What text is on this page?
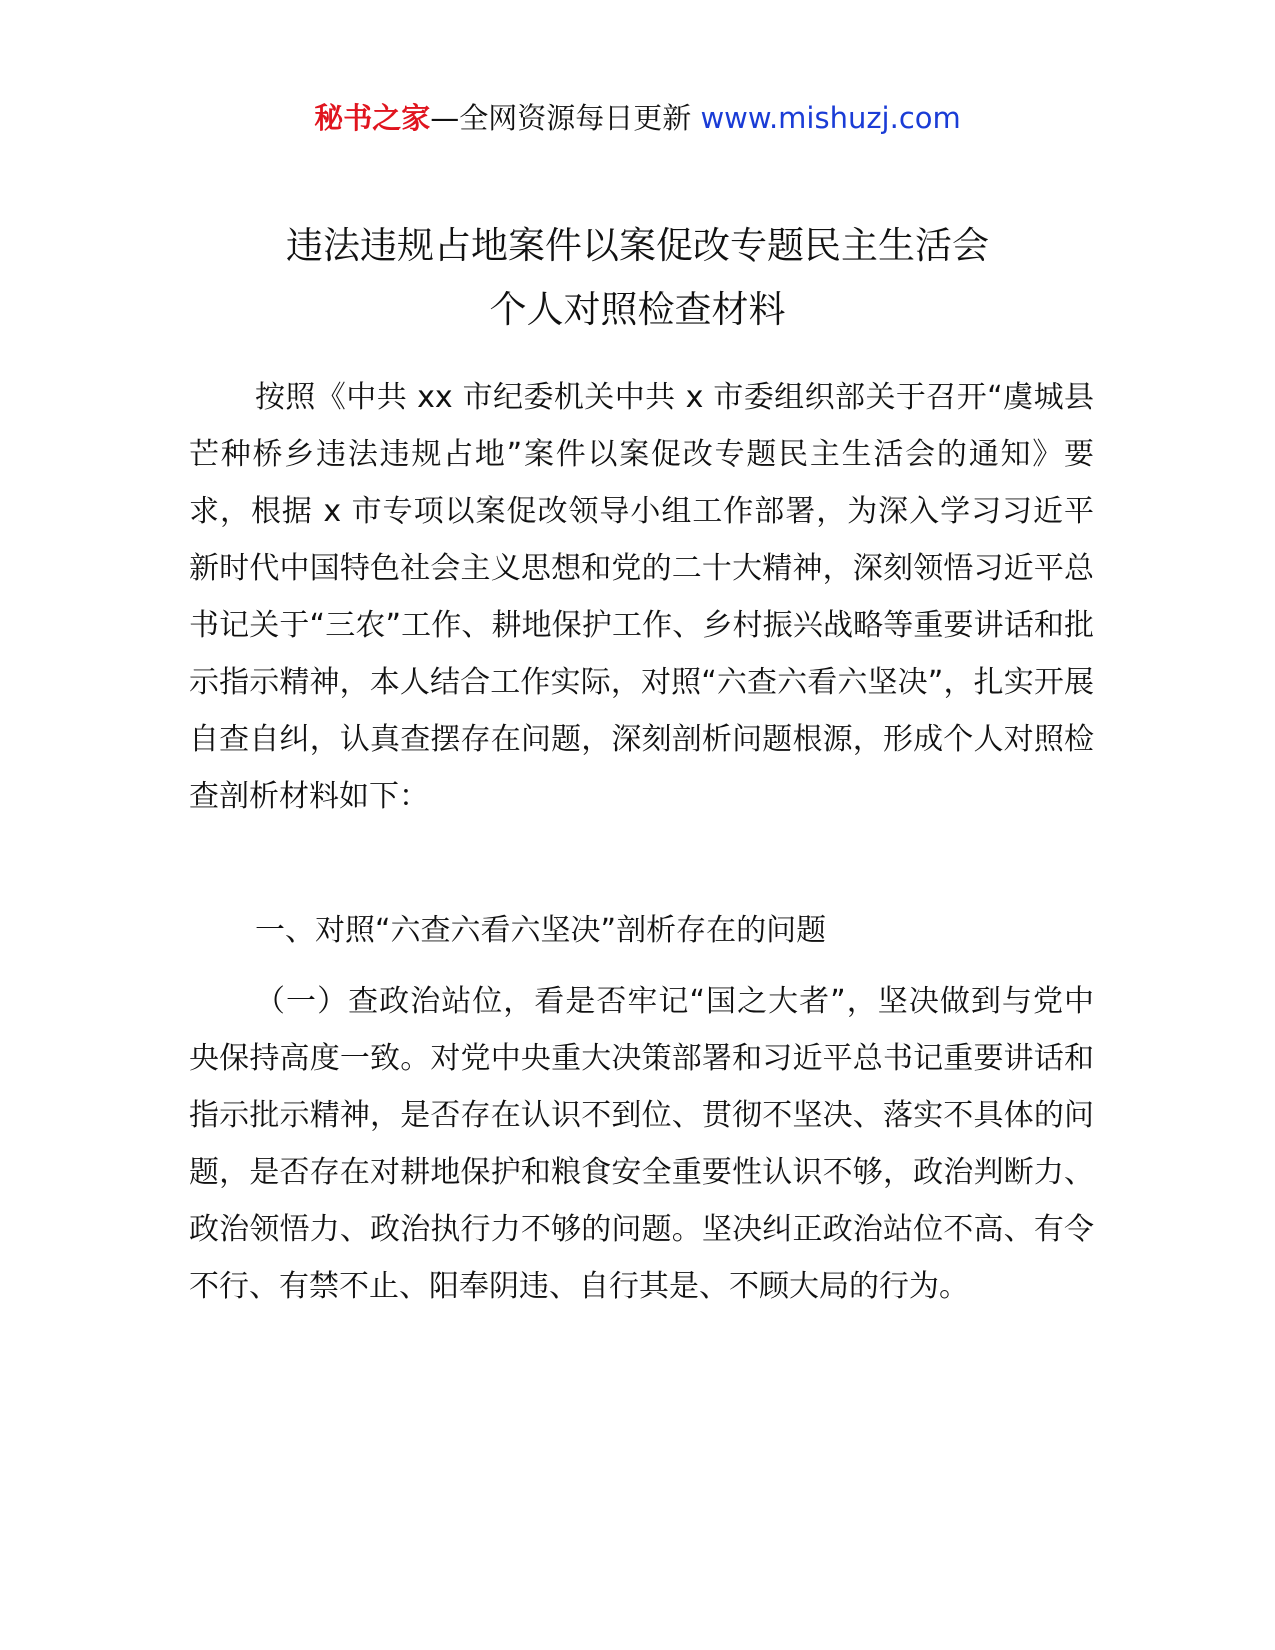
秘书之家—全网资源每日更新 www.mishuzj.com
违法违规占地案件以案促改专题民主生活会
个人对照检查材料

按照《中共 xx 市纪委机关中共 x 市委组织部关于召开“虞城县芒种桥乡违法违规占地”案件以案促改专题民主生活会的通知》要求，根据 x 市专项以案促改领导小组工作部署，为深入学习习近平新时代中国特色社会主义思想和党的二十大精神，深刻领悟习近平总书记关于“三农”工作、耕地保护工作、乡村振兴战略等重要讲话和批示指示精神，本人结合工作实际，对照“六查六看六坚决”，扎实开展自查自纠，认真查摆存在问题，深刻剖析问题根源，形成个人对照检查剖析材料如下：

一、对照“六查六看六坚决”剖析存在的问题

（一）查政治站位，看是否牢记“国之大者”，坚决做到与党中央保持高度一致。对党中央重大决策部署和习近平总书记重要讲话和指示批示精神，是否存在认识不到位、贯彻不坚决、落实不具体的问题，是否存在对耕地保护和粮食安全重要性认识不够，政治判断力、政治领悟力、政治执行力不够的问题。坚决纠正政治站位不高、有令不行、有禁不止、阳奉阴违、自行其是、不顾大局的行为。
